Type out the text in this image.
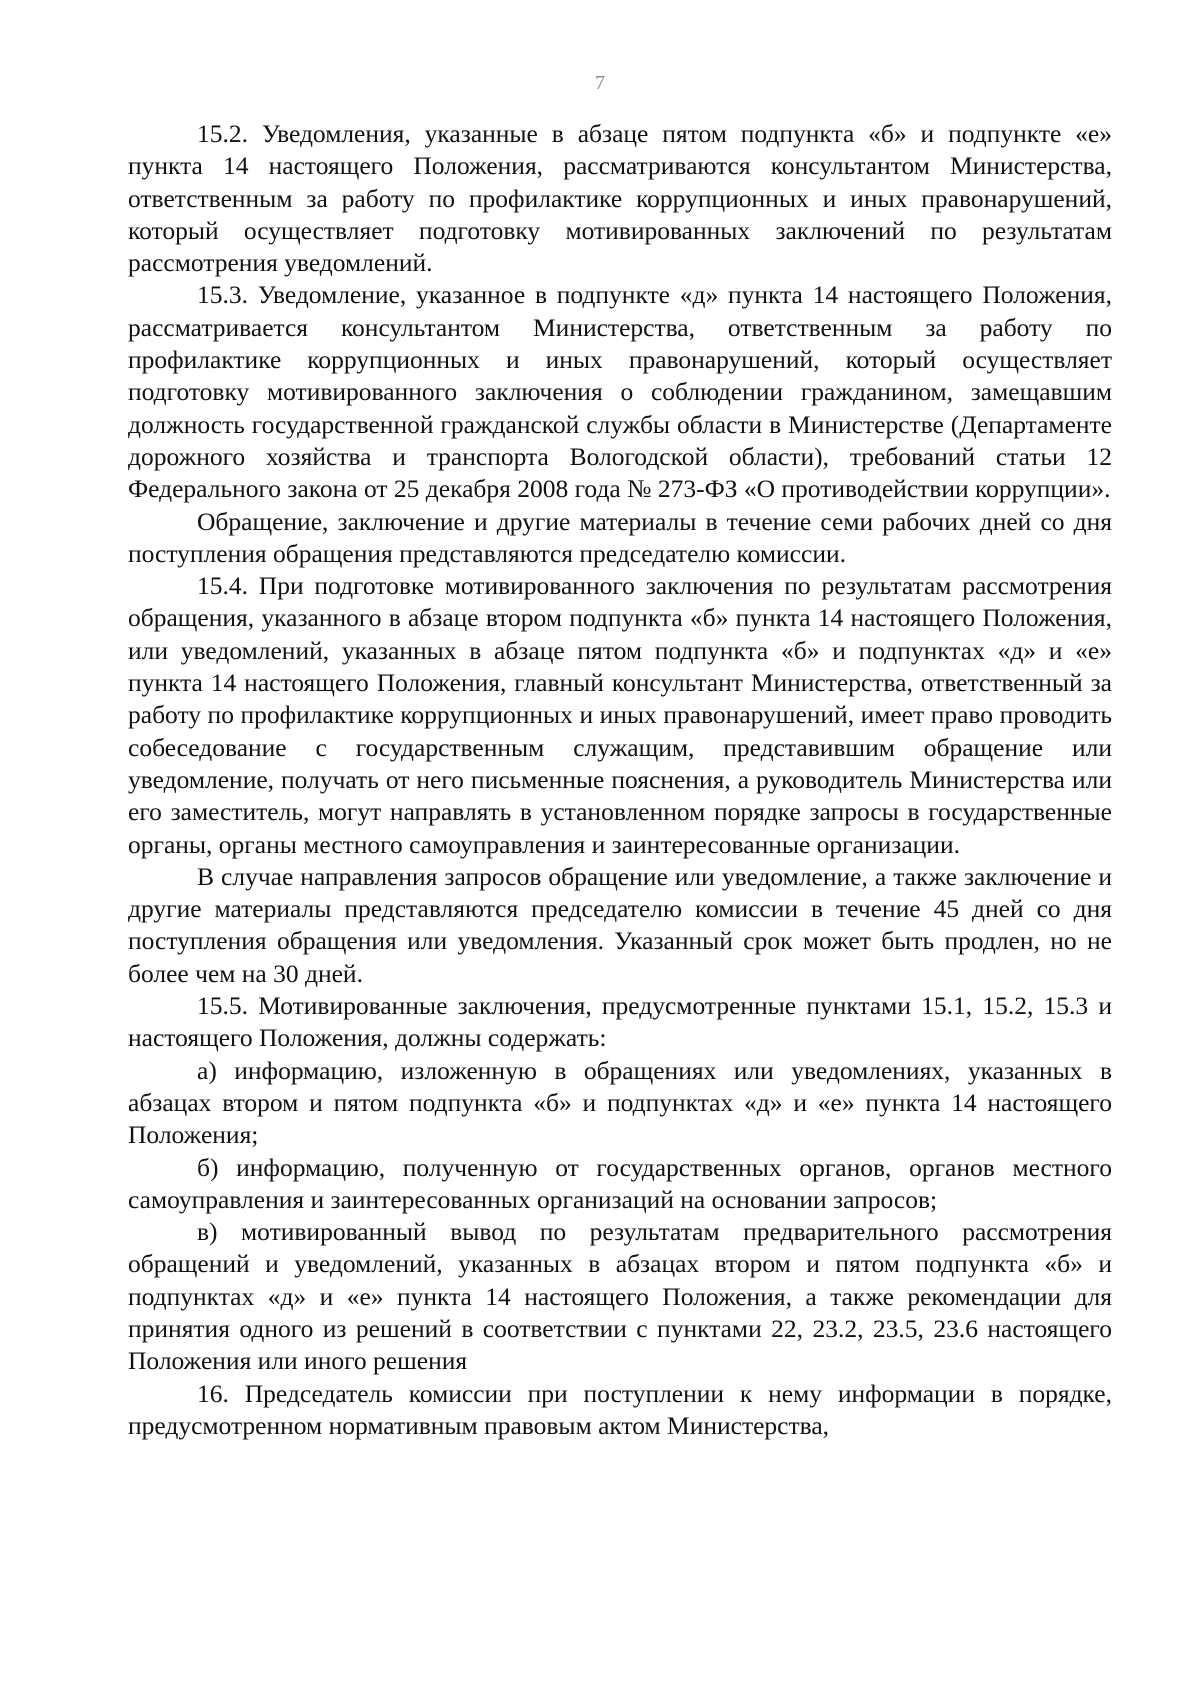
7

15.2. Уведомления, указанные в абзаце пятом подпункта «б» и подпункте «е» пункта 14 настоящего Положения, рассматриваются консультантом Министерства, ответственным за работу по профилактике коррупционных и иных правонарушений, который осуществляет подготовку мотивированных заключений по результатам рассмотрения уведомлений.

15.3. Уведомление, указанное в подпункте «д» пункта 14 настоящего Положения, рассматривается консультантом Министерства, ответственным за работу по профилактике коррупционных и иных правонарушений, который осуществляет подготовку мотивированного заключения о соблюдении гражданином, замещавшим должность государственной гражданской службы области в Министерстве (Департаменте дорожного хозяйства и транспорта Вологодской области), требований статьи 12 Федерального закона от 25 декабря 2008 года № 273-ФЗ «О противодействии коррупции».

Обращение, заключение и другие материалы в течение семи рабочих дней со дня поступления обращения представляются председателю комиссии.

15.4. При подготовке мотивированного заключения по результатам рассмотрения обращения, указанного в абзаце втором подпункта «б» пункта 14 настоящего Положения, или уведомлений, указанных в абзаце пятом подпункта «б» и подпунктах «д» и «е» пункта 14 настоящего Положения, главный консультант Министерства, ответственный за работу по профилактике коррупционных и иных правонарушений, имеет право проводить собеседование с государственным служащим, представившим обращение или уведомление, получать от него письменные пояснения, а руководитель Министерства или его заместитель, могут направлять в установленном порядке запросы в государственные органы, органы местного самоуправления и заинтересованные организации.

В случае направления запросов обращение или уведомление, а также заключение и другие материалы представляются председателю комиссии в течение 45 дней со дня поступления обращения или уведомления. Указанный срок может быть продлен, но не более чем на 30 дней.

15.5. Мотивированные заключения, предусмотренные пунктами 15.1, 15.2, 15.3 и настоящего Положения, должны содержать:

а) информацию, изложенную в обращениях или уведомлениях, указанных в абзацах втором и пятом подпункта «б» и подпунктах «д» и «е» пункта 14 настоящего Положения;

б) информацию, полученную от государственных органов, органов местного самоуправления и заинтересованных организаций на основании запросов;

в) мотивированный вывод по результатам предварительного рассмотрения обращений и уведомлений, указанных в абзацах втором и пятом подпункта «б» и подпунктах «д» и «е» пункта 14 настоящего Положения, а также рекомендации для принятия одного из решений в соответствии с пунктами 22, 23.2, 23.5, 23.6 настоящего Положения или иного решения

16. Председатель комиссии при поступлении к нему информации в порядке, предусмотренном нормативным правовым актом Министерства,
